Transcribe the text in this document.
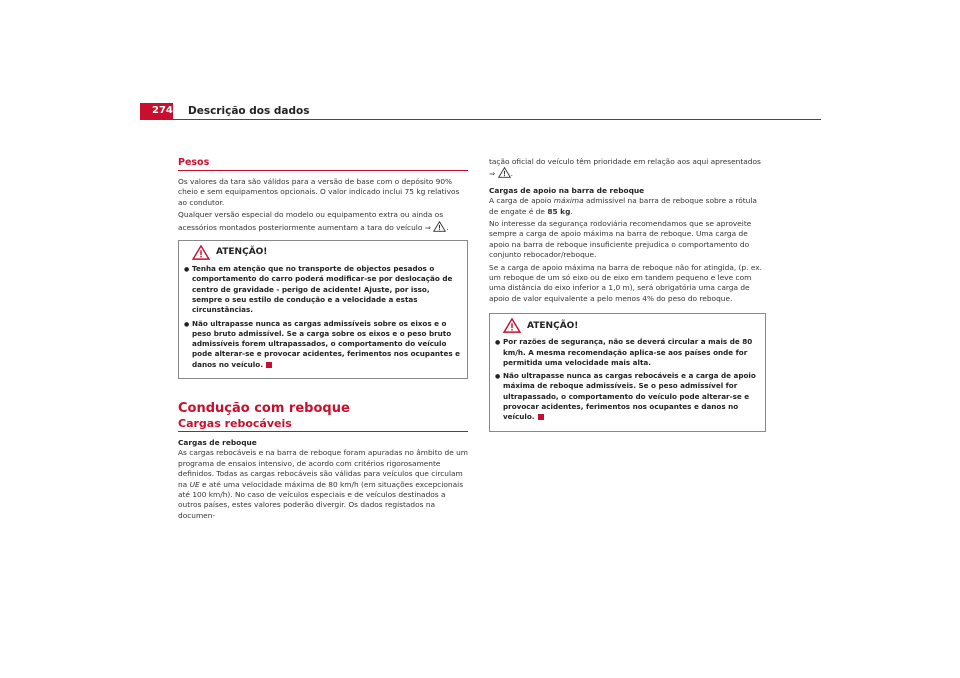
274 Descrição dos dados
Pesos

Os valores da tara são válidos para a versão de base com o depósito 90% cheio e sem equipamentos opcionais. O valor indicado inclui 75 kg relativos ao condutor.

Qualquer versão especial do modelo ou equipamento extra ou ainda os acessórios montados posteriormente aumentam a tara do veículo ⇒ .

ATENÇÃO!
●
Tenha em atenção que no transporte de objectos pesados o comportamento do carro poderá modificar-se por deslocação de centro de gravidade - perigo de acidente! Ajuste, por isso, sempre o seu estilo de condução e a velocidade a estas circunstâncias.
●
Não ultrapasse nunca as cargas admissíveis sobre os eixos e o peso bruto admissível. Se a carga sobre os eixos e o peso bruto admissíveis forem ultrapassados, o comportamento do veículo pode alterar-se e provocar acidentes, ferimentos nos ocupantes e danos no veículo.
Condução com reboque
Cargas rebocáveis
Cargas de reboque

As cargas rebocáveis e na barra de reboque foram apuradas no âmbito de um programa de ensaios intensivo, de acordo com critérios rigorosamente definidos. Todas as cargas rebocáveis são válidas para veículos que circulam na UE e até uma velocidade máxima de 80 km/h (em situações excepcionais até 100 km/h). No caso de veículos especiais e de veículos destinados a outros países, estes valores poderão divergir. Os dados registados na documen-

tação oficial do veículo têm prioridade em relação aos aqui apresentados
⇒ .

Cargas de apoio na barra de reboque

A carga de apoio máxima admissível na barra de reboque sobre a rótula de engate é de 85 kg.

No interesse da segurança rodoviária recomendamos que se aproveite sempre a carga de apoio máxima na barra de reboque. Uma carga de apoio na barra de reboque insuficiente prejudica o comportamento do conjunto rebocador/reboque.

Se a carga de apoio máxima na barra de reboque não for atingida, (p. ex. um reboque de um só eixo ou de eixo em tandem pequeno e leve com uma distância do eixo inferior a 1,0 m), será obrigatória uma carga de apoio de valor equivalente a pelo menos 4% do peso do reboque.

ATENÇÃO!
●
Por razões de segurança, não se deverá circular a mais de 80 km/h. A mesma recomendação aplica-se aos países onde for permitida uma velocidade mais alta.
●
Não ultrapasse nunca as cargas rebocáveis e a carga de apoio máxima de reboque admissíveis. Se o peso admissível for ultrapassado, o comportamento do veículo pode alterar-se e provocar acidentes, ferimentos nos ocupantes e danos no veículo.
